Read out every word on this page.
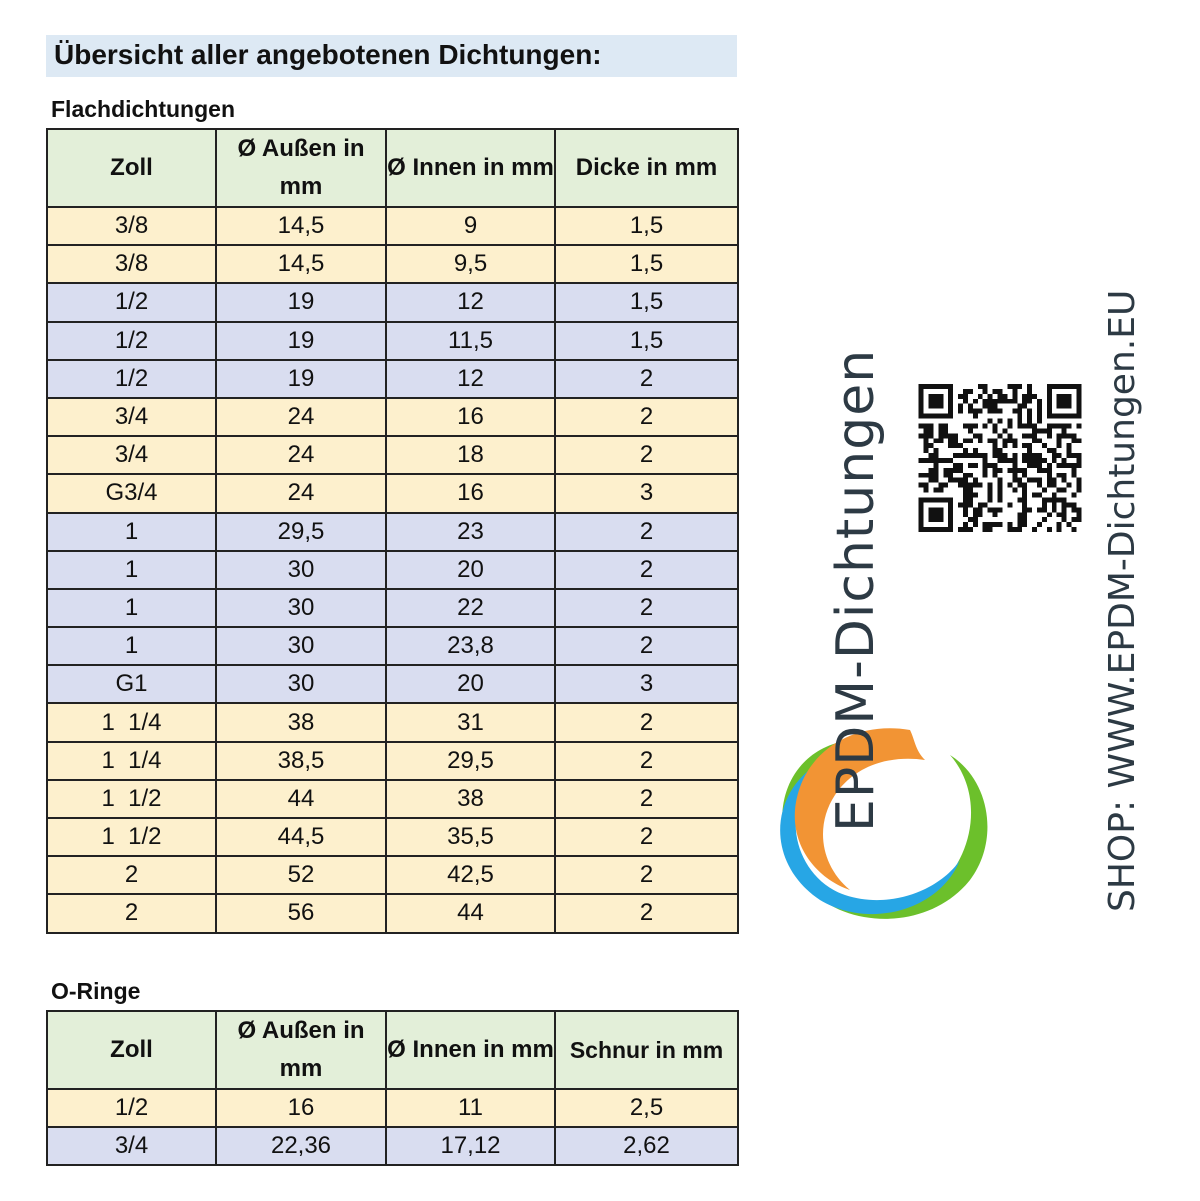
Übersicht aller angebotenen Dichtungen:
Flachdichtungen
Zoll	Ø Außen in mm	Ø Innen in mm	Dicke in mm
3/8	14,5	9	1,5
3/8	14,5	9,5	1,5
1/2	19	12	1,5
1/2	19	11,5	1,5
1/2	19	12	2
3/4	24	16	2
3/4	24	18	2
G3/4	24	16	3
1	29,5	23	2
1	30	20	2
1	30	22	2
1	30	23,8	2
G1	30	20	3
1  1/4	38	31	2
1  1/4	38,5	29,5	2
1  1/2	44	38	2
1  1/2	44,5	35,5	2
2	52	42,5	2
2	56	44	2
O-Ringe
Zoll	Ø Außen in mm	Ø Innen in mm	Schnur in mm
1/2	16	11	2,5
3/4	22,36	17,12	2,62
EPDM-Dichtungen	SHOP: WWW.EPDM-Dichtungen.EU
